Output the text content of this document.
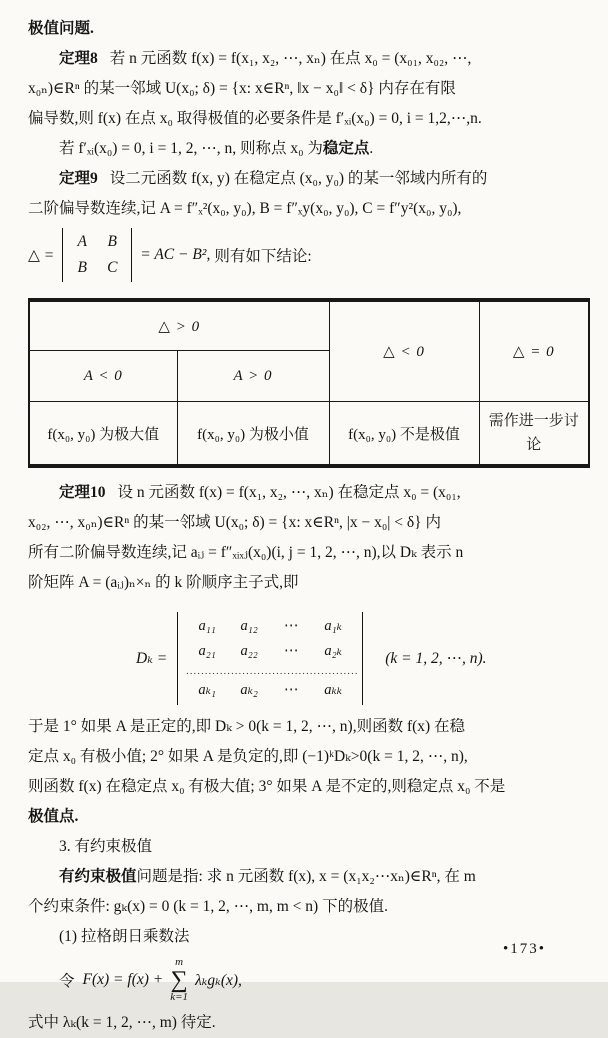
极值问题.
定理8 若 n 元函数 f(x) = f(x₁, x₂, ⋯, xₙ) 在点 x₀ = (x₀₁, x₀₂, ⋯,
x₀ₙ)∈Rⁿ 的某一邻域 U(x₀; δ) = {x: x∈Rⁿ, ‖x − x₀‖ < δ} 内存在有限
偏导数,则 f(x) 在点 x₀ 取得极值的必要条件是 f′ₓᵢ(x₀) = 0, i = 1,2,⋯,n.
若 f′ₓᵢ(x₀) = 0, i = 1, 2, ⋯, n, 则称点 x₀ 为稳定点.
定理9 设二元函数 f(x, y) 在稳定点 (x₀, y₀) 的某一邻域内所有的
二阶偏导数连续,记 A = f″ₓ²(x₀, y₀), B = f″ₓy(x₀, y₀), C = f″y²(x₀, y₀),
△ =
A	B
B	C
= AC − B², 则有如下结论:
△ > 0		△ < 0	△ = 0
A < 0	A > 0		
f(x₀, y₀) 为极大值	f(x₀, y₀) 为极小值	f(x₀, y₀) 不是极值	需作进一步讨论
定理10 设 n 元函数 f(x) = f(x₁, x₂, ⋯, xₙ) 在稳定点 x₀ = (x₀₁,
x₀₂, ⋯, x₀ₙ)∈Rⁿ 的某一邻域 U(x₀; δ) = {x: x∈Rⁿ, |x − x₀| < δ} 内
所有二阶偏导数连续,记 aᵢⱼ = f″ₓᵢₓⱼ(x₀)(i, j = 1, 2, ⋯, n),以 Dₖ 表示 n
阶矩阵 A = (aᵢⱼ)ₙ×ₙ 的 k 阶顺序主子式,即
Dₖ =
a₁₁	a₁₂	⋯	a₁ₖ
a₂₁	a₂₂	⋯	a₂ₖ
..............................................
aₖ₁	aₖ₂	⋯	aₖₖ
(k = 1, 2, ⋯, n).
于是 1° 如果 A 是正定的,即 Dₖ > 0(k = 1, 2, ⋯, n),则函数 f(x) 在稳
定点 x₀ 有极小值; 2° 如果 A 是负定的,即 (−1)ᵏDₖ>0(k = 1, 2, ⋯, n),
则函数 f(x) 在稳定点 x₀ 有极大值; 3° 如果 A 是不定的,则稳定点 x₀ 不是
极值点.
3. 有约束极值
有约束极值问题是指: 求 n 元函数 f(x), x = (x₁x₂⋯xₙ)∈Rⁿ, 在 m
个约束条件: gₖ(x) = 0 (k = 1, 2, ⋯, m, m < n) 下的极值.
(1) 拉格朗日乘数法
令 F(x) = f(x) +
m
∑
k=1
λₖgₖ(x),
式中 λₖ(k = 1, 2, ⋯, m) 待定.
•173•
